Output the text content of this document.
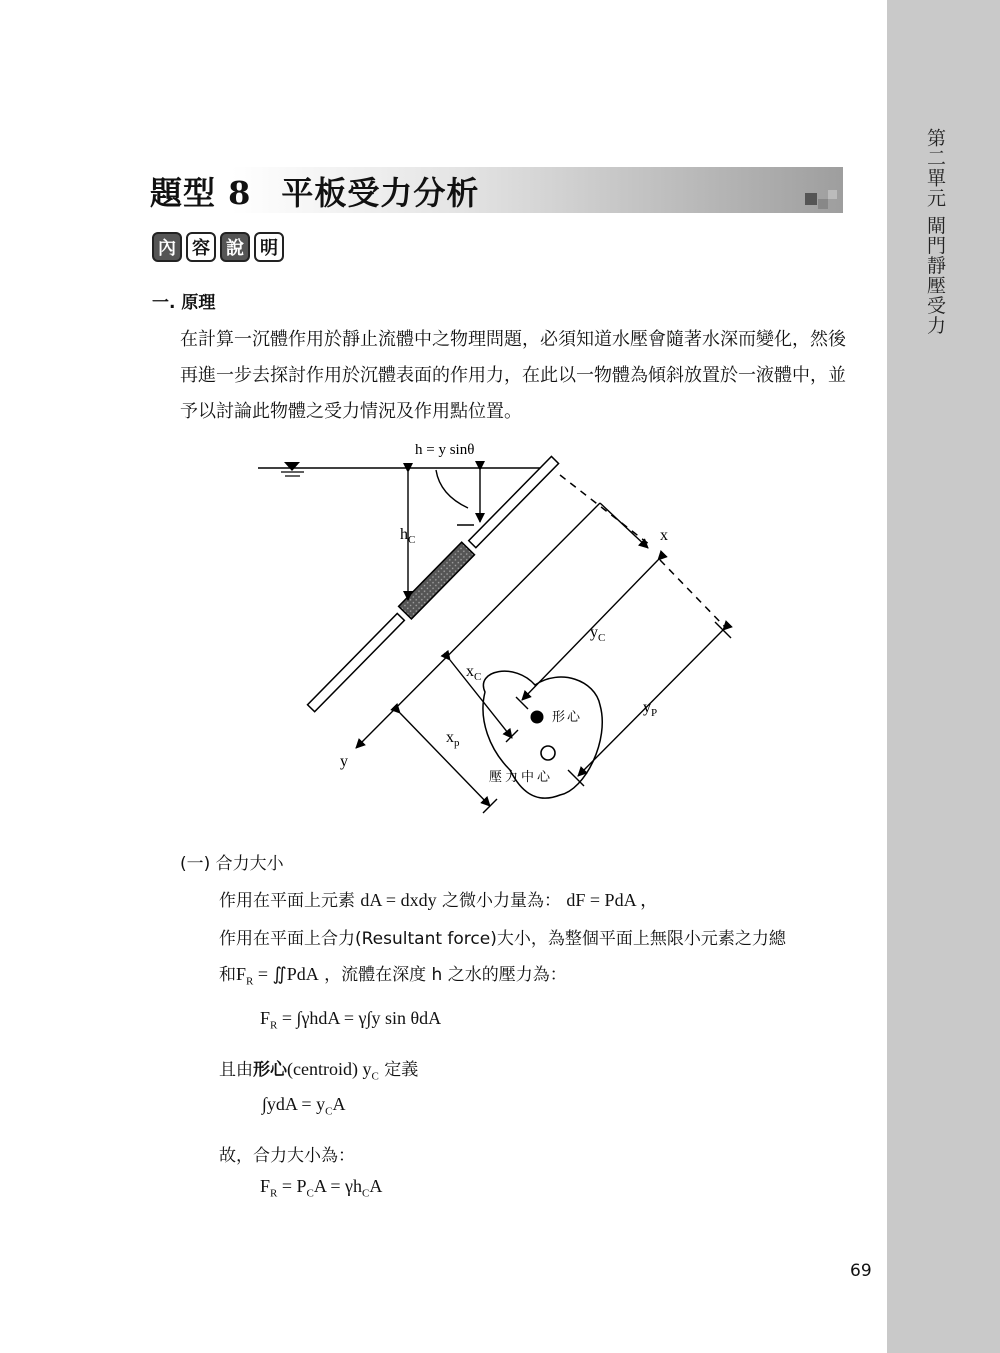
第二單元 閘門靜壓受力
題型 8 平板受力分析
內 容 說 明
一. 原理
在計算一沉體作用於靜止流體中之物理問題，必須知道水壓會隨著水深而變化，然後再進一步去探討作用於沉體表面的作用力，在此以一物體為傾斜放置於一液體中，並予以討論此物體之受力情況及作用點位置。
h = y sinθ
$h_C$	x
y
$y_C$
$y_P$
$x_C$
$x_p$
形心
壓力中心
(一) 合力大小
作用在平面上元素 dA = dxdy 之微小力量為： dF = PdA ，
作用在平面上合力(Resultant force)大小，為整個平面上無限小元素之力總
和$F_R$ = ∬PdA ，流體在深度 h 之水的壓力為：
$F_R = \int\gamma hdA = \gamma\int y$ sin θdA
且由形心(centroid) $y_C$ 定義
$\int ydA = y_CA$
故，合力大小為：
$F_R = P_CA = \gamma h_CA$
69
